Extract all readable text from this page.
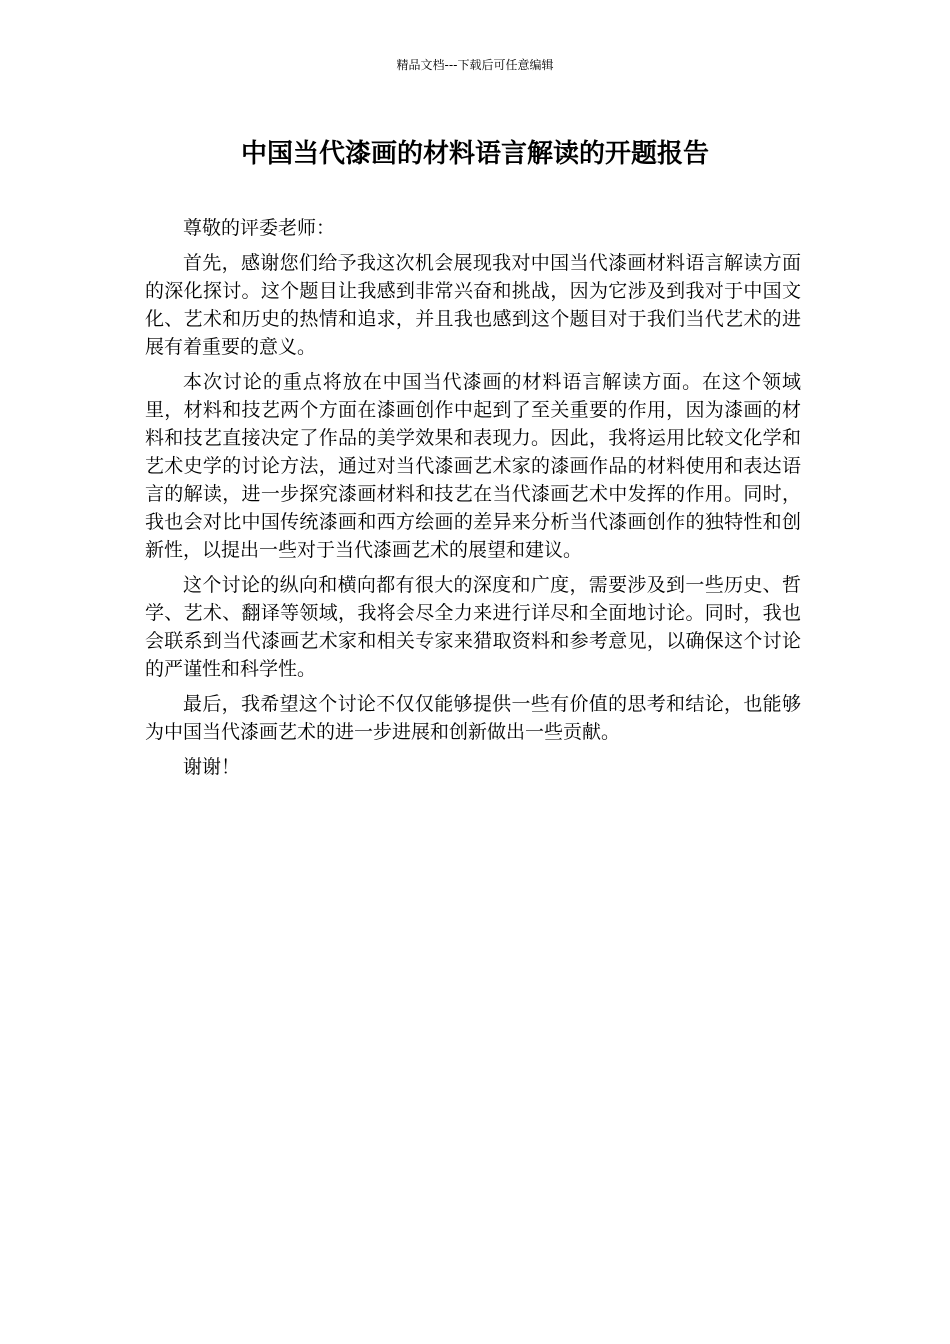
精品文档---下载后可任意编辑
中国当代漆画的材料语言解读的开题报告

尊敬的评委老师：

首先，感谢您们给予我这次机会展现我对中国当代漆画材料语言解读方面的深化探讨。这个题目让我感到非常兴奋和挑战，因为它涉及到我对于中国文化、艺术和历史的热情和追求，并且我也感到这个题目对于我们当代艺术的进展有着重要的意义。

本次讨论的重点将放在中国当代漆画的材料语言解读方面。在这个领域里，材料和技艺两个方面在漆画创作中起到了至关重要的作用，因为漆画的材料和技艺直接决定了作品的美学效果和表现力。因此，我将运用比较文化学和艺术史学的讨论方法，通过对当代漆画艺术家的漆画作品的材料使用和表达语言的解读，进一步探究漆画材料和技艺在当代漆画艺术中发挥的作用。同时，我也会对比中国传统漆画和西方绘画的差异来分析当代漆画创作的独特性和创新性，以提出一些对于当代漆画艺术的展望和建议。

这个讨论的纵向和横向都有很大的深度和广度，需要涉及到一些历史、哲学、艺术、翻译等领域，我将会尽全力来进行详尽和全面地讨论。同时，我也会联系到当代漆画艺术家和相关专家来猎取资料和参考意见，以确保这个讨论的严谨性和科学性。

最后，我希望这个讨论不仅仅能够提供一些有价值的思考和结论，也能够为中国当代漆画艺术的进一步进展和创新做出一些贡献。

谢谢！
